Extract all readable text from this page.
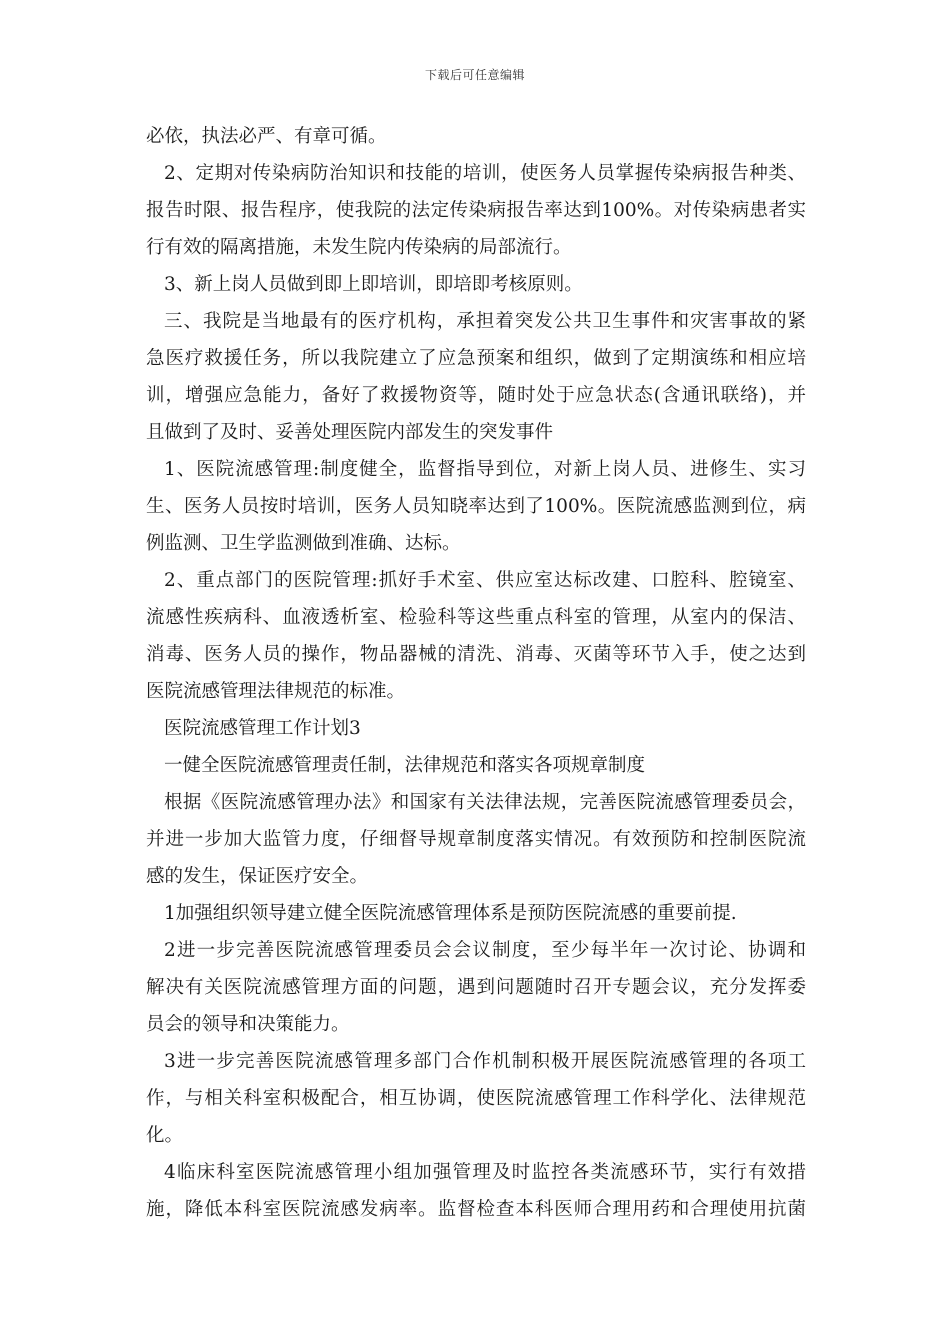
下载后可任意编辑
必依，执法必严、有章可循。
2、定期对传染病防治知识和技能的培训，使医务人员掌握传染病报告种类、
报告时限、报告程序，使我院的法定传染病报告率达到100%。对传染病患者实
行有效的隔离措施，未发生院内传染病的局部流行。
3、新上岗人员做到即上即培训，即培即考核原则。
三、我院是当地最有的医疗机构，承担着突发公共卫生事件和灾害事故的紧
急医疗救援任务，所以我院建立了应急预案和组织，做到了定期演练和相应培
训，增强应急能力，备好了救援物资等，随时处于应急状态(含通讯联络)，并
且做到了及时、妥善处理医院内部发生的突发事件
1、医院流感管理:制度健全，监督指导到位，对新上岗人员、进修生、实习
生、医务人员按时培训，医务人员知晓率达到了100%。医院流感监测到位，病
例监测、卫生学监测做到准确、达标。
2、重点部门的医院管理:抓好手术室、供应室达标改建、口腔科、腔镜室、
流感性疾病科、血液透析室、检验科等这些重点科室的管理，从室内的保洁、
消毒、医务人员的操作，物品器械的清洗、消毒、灭菌等环节入手，使之达到
医院流感管理法律规范的标准。
医院流感管理工作计划3
一健全医院流感管理责任制，法律规范和落实各项规章制度
根据《医院流感管理办法》和国家有关法律法规，完善医院流感管理委员会，
并进一步加大监管力度，仔细督导规章制度落实情况。有效预防和控制医院流
感的发生，保证医疗安全。
1加强组织领导建立健全医院流感管理体系是预防医院流感的重要前提.
2进一步完善医院流感管理委员会会议制度，至少每半年一次讨论、协调和
解决有关医院流感管理方面的问题，遇到问题随时召开专题会议，充分发挥委
员会的领导和决策能力。
3进一步完善医院流感管理多部门合作机制积极开展医院流感管理的各项工
作，与相关科室积极配合，相互协调，使医院流感管理工作科学化、法律规范
化。
4临床科室医院流感管理小组加强管理及时监控各类流感环节，实行有效措
施，降低本科室医院流感发病率。监督检查本科医师合理用药和合理使用抗菌
